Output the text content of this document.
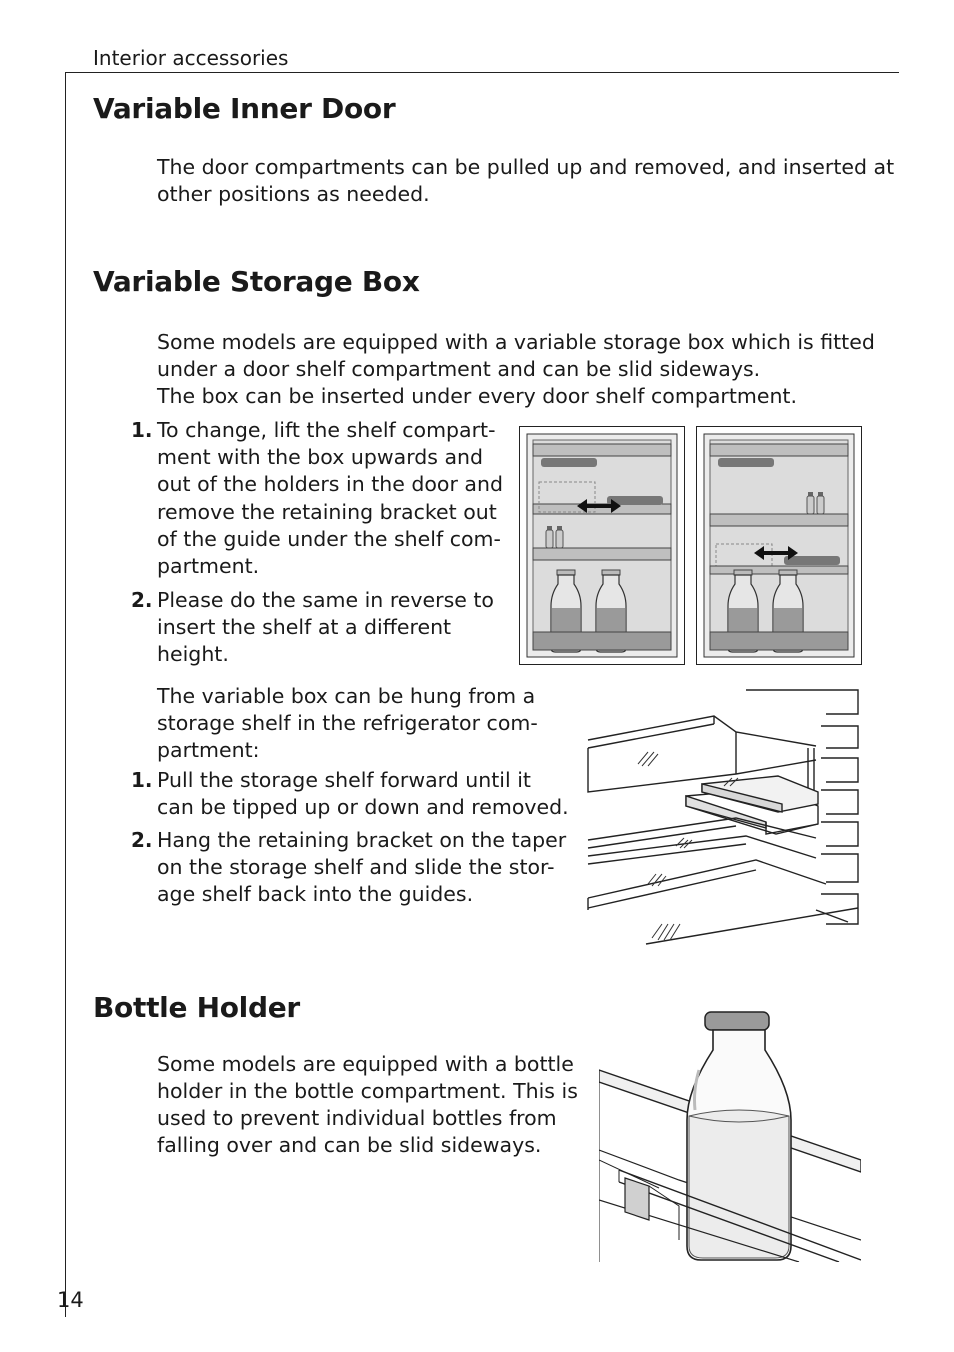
Interior accessories
Variable Inner Door

The door compartments can be pulled up and removed, and inserted at

other positions as needed.

Variable Storage Box

Some models are equipped with a variable storage box which is fitted

under a door shelf compartment and can be slid sideways.

The box can be inserted under every door shelf compartment.

1. To change, lift the shelf compart-
ment with the box upwards and
out of the holders in the door and
remove the retaining bracket out
of the guide under the shelf com-
partment.
2. Please do the same in reverse to
insert the shelf at a different
height.

The variable box can be hung from a

storage shelf in the refrigerator com-

partment:

1. Pull the storage shelf forward until it
can be tipped up or down and removed.
2. Hang the retaining bracket on the taper
on the storage shelf and slide the stor-
age shelf back into the guides.
Bottle Holder

Some models are equipped with a bottle

holder in the bottle compartment. This is

used to prevent individual bottles from

falling over and can be slid sideways.

14
